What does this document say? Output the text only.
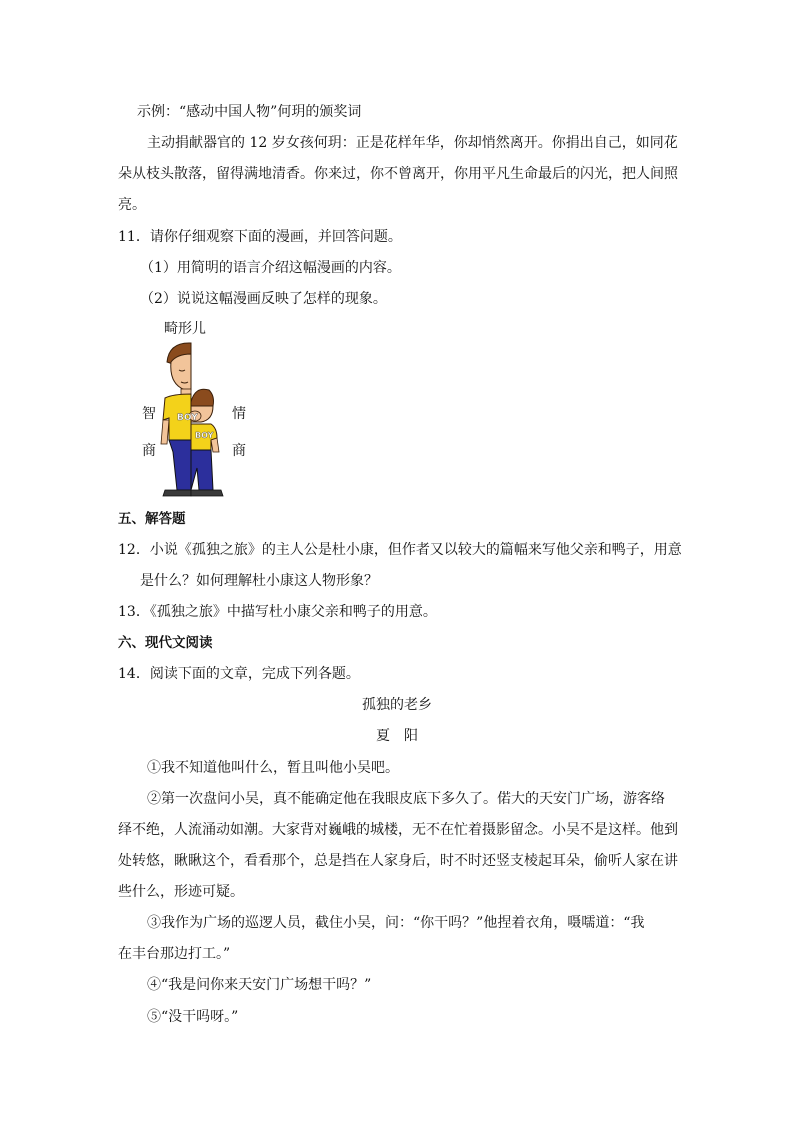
示例：“感动中国人物”何玥的颁奖词
主动捐献器官的 12 岁女孩何玥：正是花样年华，你却悄然离开。你捐出自己，如同花
朵从枝头散落，留得满地清香。你来过，你不曾离开，你用平凡生命最后的闪光，把人间照
亮。
11．请你仔细观察下面的漫画，并回答问题。
（1）用简明的语言介绍这幅漫画的内容。
（2）说说这幅漫画反映了怎样的现象。
畸形儿
智
商
情
商
BOY
BOY
五、解答题
12．小说《孤独之旅》的主人公是杜小康，但作者又以较大的篇幅来写他父亲和鸭子，用意
是什么？如何理解杜小康这人物形象？
13．《孤独之旅》中描写杜小康父亲和鸭子的用意。
六、现代文阅读
14．阅读下面的文章，完成下列各题。
孤独的老乡
夏　阳
①我不知道他叫什么，暂且叫他小吴吧。
②第一次盘问小吴，真不能确定他在我眼皮底下多久了。偌大的天安门广场，游客络
绎不绝，人流涌动如潮。大家背对巍峨的城楼，无不在忙着摄影留念。小吴不是这样。他到
处转悠，瞅瞅这个，看看那个，总是挡在人家身后，时不时还竖支棱起耳朵，偷听人家在讲
些什么，形迹可疑。
③我作为广场的巡逻人员，截住小吴，问：“你干吗？”他捏着衣角，嗫嚅道：“我
在丰台那边打工。”
④“我是问你来天安门广场想干吗？”
⑤“没干吗呀。”
